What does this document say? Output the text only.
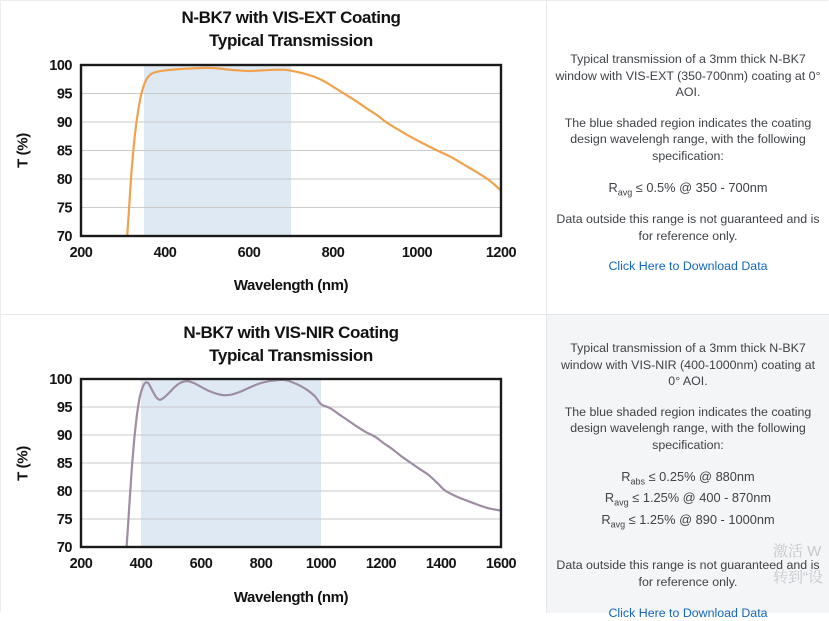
N-BK7 with VIS-EXT Coating
Typical Transmission
T (%)
70
75
80
85
90
95
100
200	400	600	800	1000	1200
Wavelength (nm)

Typical transmission of a 3mm thick N-BK7 window with VIS-EXT (350-700nm) coating at 0° AOI.

The blue shaded region indicates the coating design wavelengh range, with the following specification:

$R_{avg} \le 0.5\%$ @ 350 - 700nm

Data outside this range is not guaranteed and is for reference only.

Click Here to Download Data
N-BK7 with VIS-NIR Coating
Typical Transmission
T (%)
70
75
80
85
90
95
100
200	400	600	800 1000 1200 1400 1600
Wavelength (nm)

Typical transmission of a 3mm thick N-BK7 window with VIS-NIR (400-1000nm) coating at 0° AOI.

The blue shaded region indicates the coating design wavelengh range, with the following specification:

$R_{abs} \le 0.25\%$ @ 880nm
$R_{avg} \le 1.25\%$ @ 400 - 870nm
$R_{avg} \le 1.25\%$ @ 890 - 1000nm

Data outside this range is not guaranteed and is for reference only.

Click Here to Download Data
激活 W
转到“设
